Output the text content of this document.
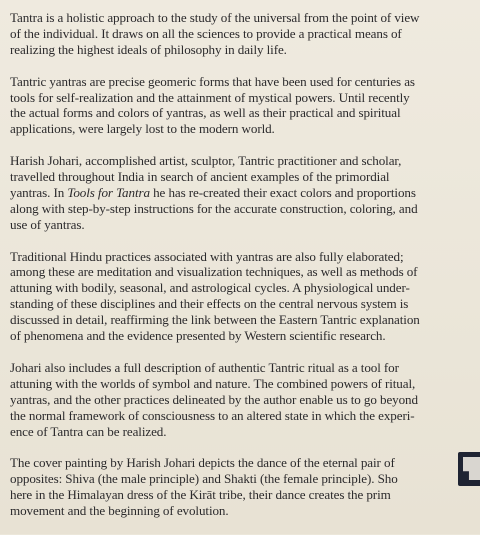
Tantra is a holistic approach to the study of the universal from the point of view
of the individual. It draws on all the sciences to provide a practical means of
realizing the highest ideals of philosophy in daily life.

Tantric yantras are precise geomeric forms that have been used for centuries as
tools for self-realization and the attainment of mystical powers. Until recently
the actual forms and colors of yantras, as well as their practical and spiritual
applications, were largely lost to the modern world.

Harish Johari, accomplished artist, sculptor, Tantric practitioner and scholar,
travelled throughout India in search of ancient examples of the primordial
yantras. In Tools for Tantra he has re-created their exact colors and proportions
along with step-by-step instructions for the accurate construction, coloring, and
use of yantras.

Traditional Hindu practices associated with yantras are also fully elaborated;
among these are meditation and visualization techniques, as well as methods of
attuning with bodily, seasonal, and astrological cycles. A physiological under-
standing of these disciplines and their effects on the central nervous system is
discussed in detail, reaffirming the link between the Eastern Tantric explanation
of phenomena and the evidence presented by Western scientific research.

Johari also includes a full description of authentic Tantric ritual as a tool for
attuning with the worlds of symbol and nature. The combined powers of ritual,
yantras, and the other practices delineated by the author enable us to go beyond
the normal framework of consciousness to an altered state in which the experi-
ence of Tantra can be realized.

The cover painting by Harish Johari depicts the dance of the eternal pair of
opposites: Shiva (the male principle) and Shakti (the female principle). Sho
here in the Himalayan dress of the Kirāt tribe, their dance creates the prim
movement and the beginning of evolution.
